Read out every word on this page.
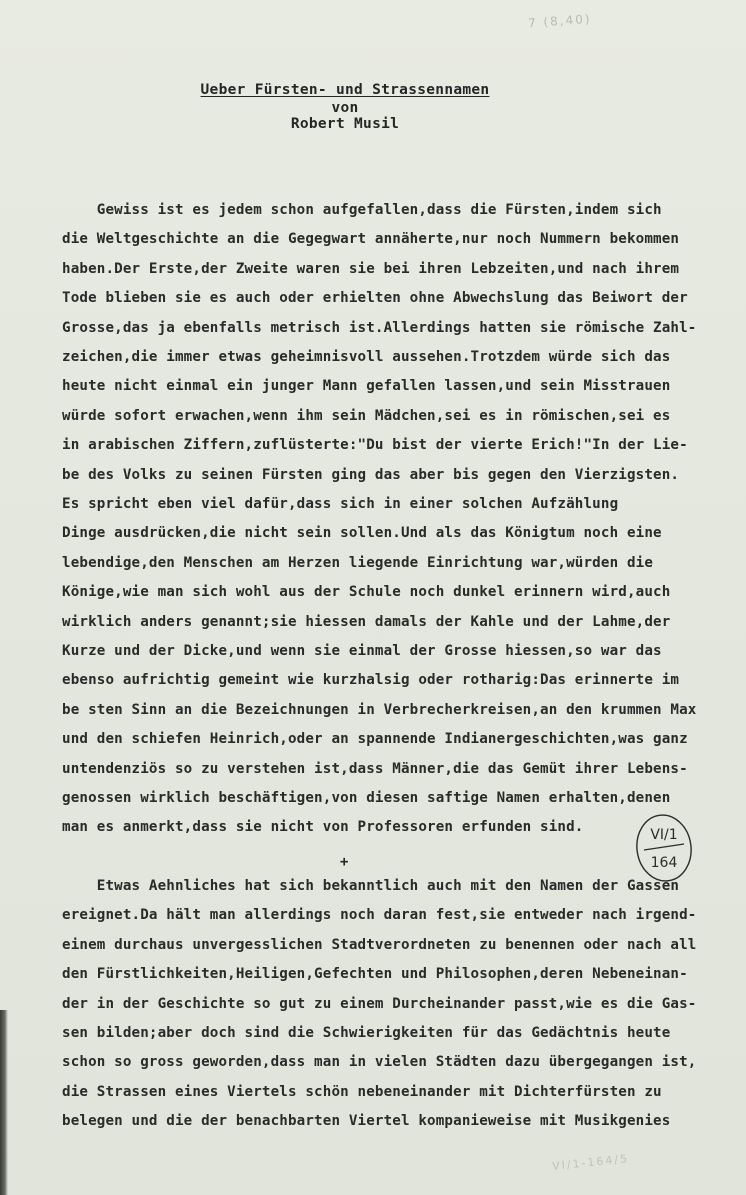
7 (8,40)
Ueber Fürsten- und Strassennamen
von
Robert Musil
Gewiss ist es jedem schon aufgefallen,dass die Fürsten,indem sich
die Weltgeschichte an die Gegegwart annäherte,nur noch Nummern bekommen
haben.Der Erste,der Zweite waren sie bei ihren Lebzeiten,und nach ihrem
Tode blieben sie es auch oder erhielten ohne Abwechslung das Beiwort der
Grosse,das ja ebenfalls metrisch ist.Allerdings hatten sie römische Zahl-
zeichen,die immer etwas geheimnisvoll aussehen.Trotzdem würde sich das
heute nicht einmal ein junger Mann gefallen lassen,und sein Misstrauen
würde sofort erwachen,wenn ihm sein Mädchen,sei es in römischen,sei es
in arabischen Ziffern,zuflüsterte:"Du bist der vierte Erich!"In der Lie-
be des Volks zu seinen Fürsten ging das aber bis gegen den Vierzigsten.
Es spricht eben viel dafür,dass sich in einer solchen Aufzählung
Dinge ausdrücken,die nicht sein sollen.Und als das Königtum noch eine
lebendige,den Menschen am Herzen liegende Einrichtung war,würden die
Könige,wie man sich wohl aus der Schule noch dunkel erinnern wird,auch
wirklich anders genannt;sie hiessen damals der Kahle und der Lahme,der
Kurze und der Dicke,und wenn sie einmal der Grosse hiessen,so war das
ebenso aufrichtig gemeint wie kurzhalsig oder rotharig:Das erinnerte im
be sten Sinn an die Bezeichnungen in Verbrecherkreisen,an den krummen Max
und den schiefen Heinrich,oder an spannende Indianergeschichten,was ganz
untendenziös so zu verstehen ist,dass Männer,die das Gemüt ihrer Lebens-
genossen wirklich beschäftigen,von diesen saftige Namen erhalten,denen
man es anmerkt,dass sie nicht von Professoren erfunden sind.
+
VI/1
164
Etwas Aehnliches hat sich bekanntlich auch mit den Namen der Gassen
ereignet.Da hält man allerdings noch daran fest,sie entweder nach irgend-
einem durchaus unvergesslichen Stadtverordneten zu benennen oder nach all
den Fürstlichkeiten,Heiligen,Gefechten und Philosophen,deren Nebeneinan-
der in der Geschichte so gut zu einem Durcheinander passt,wie es die Gas-
sen bilden;aber doch sind die Schwierigkeiten für das Gedächtnis heute
schon so gross geworden,dass man in vielen Städten dazu übergegangen ist,
die Strassen eines Viertels schön nebeneinander mit Dichterfürsten zu
belegen und die der benachbarten Viertel kompanieweise mit Musikgenies
VI/1-164/5
